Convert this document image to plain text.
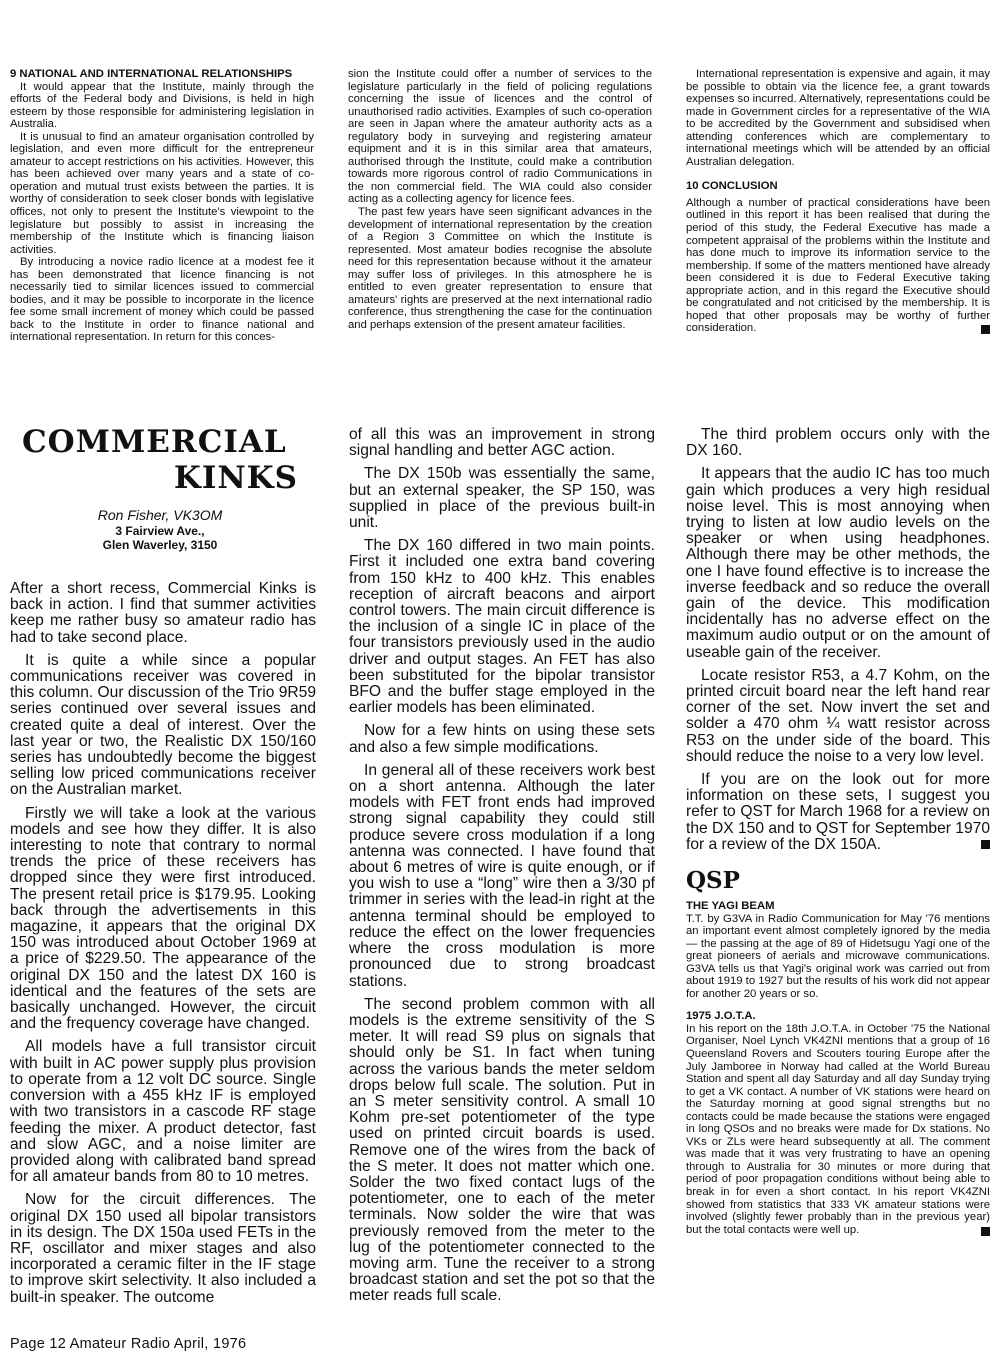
9 NATIONAL AND INTERNATIONAL RELATIONSHIPS

It would appear that the Institute, mainly through the efforts of the Federal body and Divisions, is held in high esteem by those responsible for administering legislation in Australia.

It is unusual to find an amateur organisation controlled by legislation, and even more difficult for the entrepreneur amateur to accept restrictions on his activities. However, this has been achieved over many years and a state of co-operation and mutual trust exists between the parties. It is worthy of consideration to seek closer bonds with legislative offices, not only to present the Institute's viewpoint to the legislature but possibly to assist in increasing the membership of the Institute which is financing liaison activities.

By introducing a novice radio licence at a modest fee it has been demonstrated that licence financing is not necessarily tied to similar licences issued to commercial bodies, and it may be possible to incorporate in the licence fee some small increment of money which could be passed back to the Institute in order to finance national and international representation. In return for this conces-

sion the Institute could offer a number of services to the legislature particularly in the field of policing regulations concerning the issue of licences and the control of unauthorised radio activities. Examples of such co-operation are seen in Japan where the amateur authority acts as a regulatory body in surveying and registering amateur equipment and it is in this similar area that amateurs, authorised through the Institute, could make a contribution towards more rigorous control of radio Communications in the non commercial field. The WIA could also consider acting as a collecting agency for licence fees.

The past few years have seen significant advances in the development of international representation by the creation of a Region 3 Committee on which the Institute is represented. Most amateur bodies recognise the absolute need for this representation because without it the amateur may suffer loss of privileges. In this atmosphere he is entitled to even greater representation to ensure that amateurs' rights are preserved at the next international radio conference, thus strengthening the case for the continuation and perhaps extension of the present amateur facilities.

International representation is expensive and again, it may be possible to obtain via the licence fee, a grant towards expenses so incurred. Alternatively, representations could be made in Government circles for a representative of the WIA to be accredited by the Government and subsidised when attending conferences which are complementary to international meetings which will be attended by an official Australian delegation.

10 CONCLUSION

Although a number of practical considerations have been outlined in this report it has been realised that during the period of this study, the Federal Executive has made a competent appraisal of the problems within the Institute and has done much to improve its information service to the membership. If some of the matters mentioned have already been considered it is due to Federal Executive taking appropriate action, and in this regard the Executive should be congratulated and not criticised by the membership. It is hoped that other proposals may be worthy of further consideration.

COMMERCIAL

KINKS

Ron Fisher, VK3OM
3 Fairview Ave.,
Glen Waverley, 3150

After a short recess, Commercial Kinks is back in action. I find that summer activities keep me rather busy so amateur radio has had to take second place.

It is quite a while since a popular communications receiver was covered in this column. Our discussion of the Trio 9R59 series continued over several issues and created quite a deal of interest. Over the last year or two, the Realistic DX 150/160 series has undoubtedly become the biggest selling low priced communications receiver on the Australian market.

Firstly we will take a look at the various models and see how they differ. It is also interesting to note that contrary to normal trends the price of these receivers has dropped since they were first introduced. The present retail price is $179.95. Looking back through the advertisements in this magazine, it appears that the original DX 150 was introduced about October 1969 at a price of $229.50. The appearance of the original DX 150 and the latest DX 160 is identical and the features of the sets are basically unchanged. However, the circuit and the frequency coverage have changed.

All models have a full transistor circuit with built in AC power supply plus provision to operate from a 12 volt DC source. Single conversion with a 455 kHz IF is employed with two transistors in a cascode RF stage feeding the mixer. A product detector, fast and slow AGC, and a noise limiter are provided along with calibrated band spread for all amateur bands from 80 to 10 metres.

Now for the circuit differences. The original DX 150 used all bipolar transistors in its design. The DX 150a used FETs in the RF, oscillator and mixer stages and also incorporated a ceramic filter in the IF stage to improve skirt selectivity. It also included a built-in speaker. The outcome

of all this was an improvement in strong signal handling and better AGC action.

The DX 150b was essentially the same, but an external speaker, the SP 150, was supplied in place of the previous built-in unit.

The DX 160 differed in two main points. First it included one extra band covering from 150 kHz to 400 kHz. This enables reception of aircraft beacons and airport control towers. The main circuit difference is the inclusion of a single IC in place of the four transistors previously used in the audio driver and output stages. An FET has also been substituted for the bipolar transistor BFO and the buffer stage employed in the earlier models has been eliminated.

Now for a few hints on using these sets and also a few simple modifications.

In general all of these receivers work best on a short antenna. Although the later models with FET front ends had improved strong signal capability they could still produce severe cross modulation if a long antenna was connected. I have found that about 6 metres of wire is quite enough, or if you wish to use a “long” wire then a 3/30 pf trimmer in series with the lead-in right at the antenna terminal should be employed to reduce the effect on the lower frequencies where the cross modulation is more pronounced due to strong broadcast stations.

The second problem common with all models is the extreme sensitivity of the S meter. It will read S9 plus on signals that should only be S1. In fact when tuning across the various bands the meter seldom drops below full scale. The solution. Put in an S meter sensitivity control. A small 10 Kohm pre-set potentiometer of the type used on printed circuit boards is used. Remove one of the wires from the back of the S meter. It does not matter which one. Solder the two fixed contact lugs of the potentiometer, one to each of the meter terminals. Now solder the wire that was previously removed from the meter to the lug of the potentiometer connected to the moving arm. Tune the receiver to a strong broadcast station and set the pot so that the meter reads full scale.

The third problem occurs only with the DX 160.

It appears that the audio IC has too much gain which produces a very high residual noise level. This is most annoying when trying to listen at low audio levels on the speaker or when using headphones. Although there may be other methods, the one I have found effective is to increase the inverse feedback and so reduce the overall gain of the device. This modification incidentally has no adverse effect on the maximum audio output or on the amount of useable gain of the receiver.

Locate resistor R53, a 4.7 Kohm, on the printed circuit board near the left hand rear corner of the set. Now invert the set and solder a 470 ohm ¼ watt resistor across R53 on the under side of the board. This should reduce the noise to a very low level.

If you are on the look out for more information on these sets, I suggest you refer to QST for March 1968 for a review on the DX 150 and to QST for September 1970 for a review of the DX 150A.

QSP

THE YAGI BEAM

T.T. by G3VA in Radio Communication for May '76 mentions an important event almost completely ignored by the media — the passing at the age of 89 of Hidetsugu Yagi one of the great pioneers of aerials and microwave communications. G3VA tells us that Yagi's original work was carried out from about 1919 to 1927 but the results of his work did not appear for another 20 years or so.

1975 J.O.T.A.

In his report on the 18th J.O.T.A. in October '75 the National Organiser, Noel Lynch VK4ZNI mentions that a group of 16 Queensland Rovers and Scouters touring Europe after the July Jamboree in Norway had called at the World Bureau Station and spent all day Saturday and all day Sunday trying to get a VK contact. A number of VK stations were heard on the Saturday morning at good signal strengths but no contacts could be made because the stations were engaged in long QSOs and no breaks were made for Dx stations. No VKs or ZLs were heard subsequently at all. The comment was made that it was very frustrating to have an opening through to Australia for 30 minutes or more during that period of poor propagation conditions without being able to break in for even a short contact. In his report VK4ZNI showed from statistics that 333 VK amateur stations were involved (slightly fewer probably than in the previous year) but the total contacts were well up.

Page 12 Amateur Radio April, 1976
